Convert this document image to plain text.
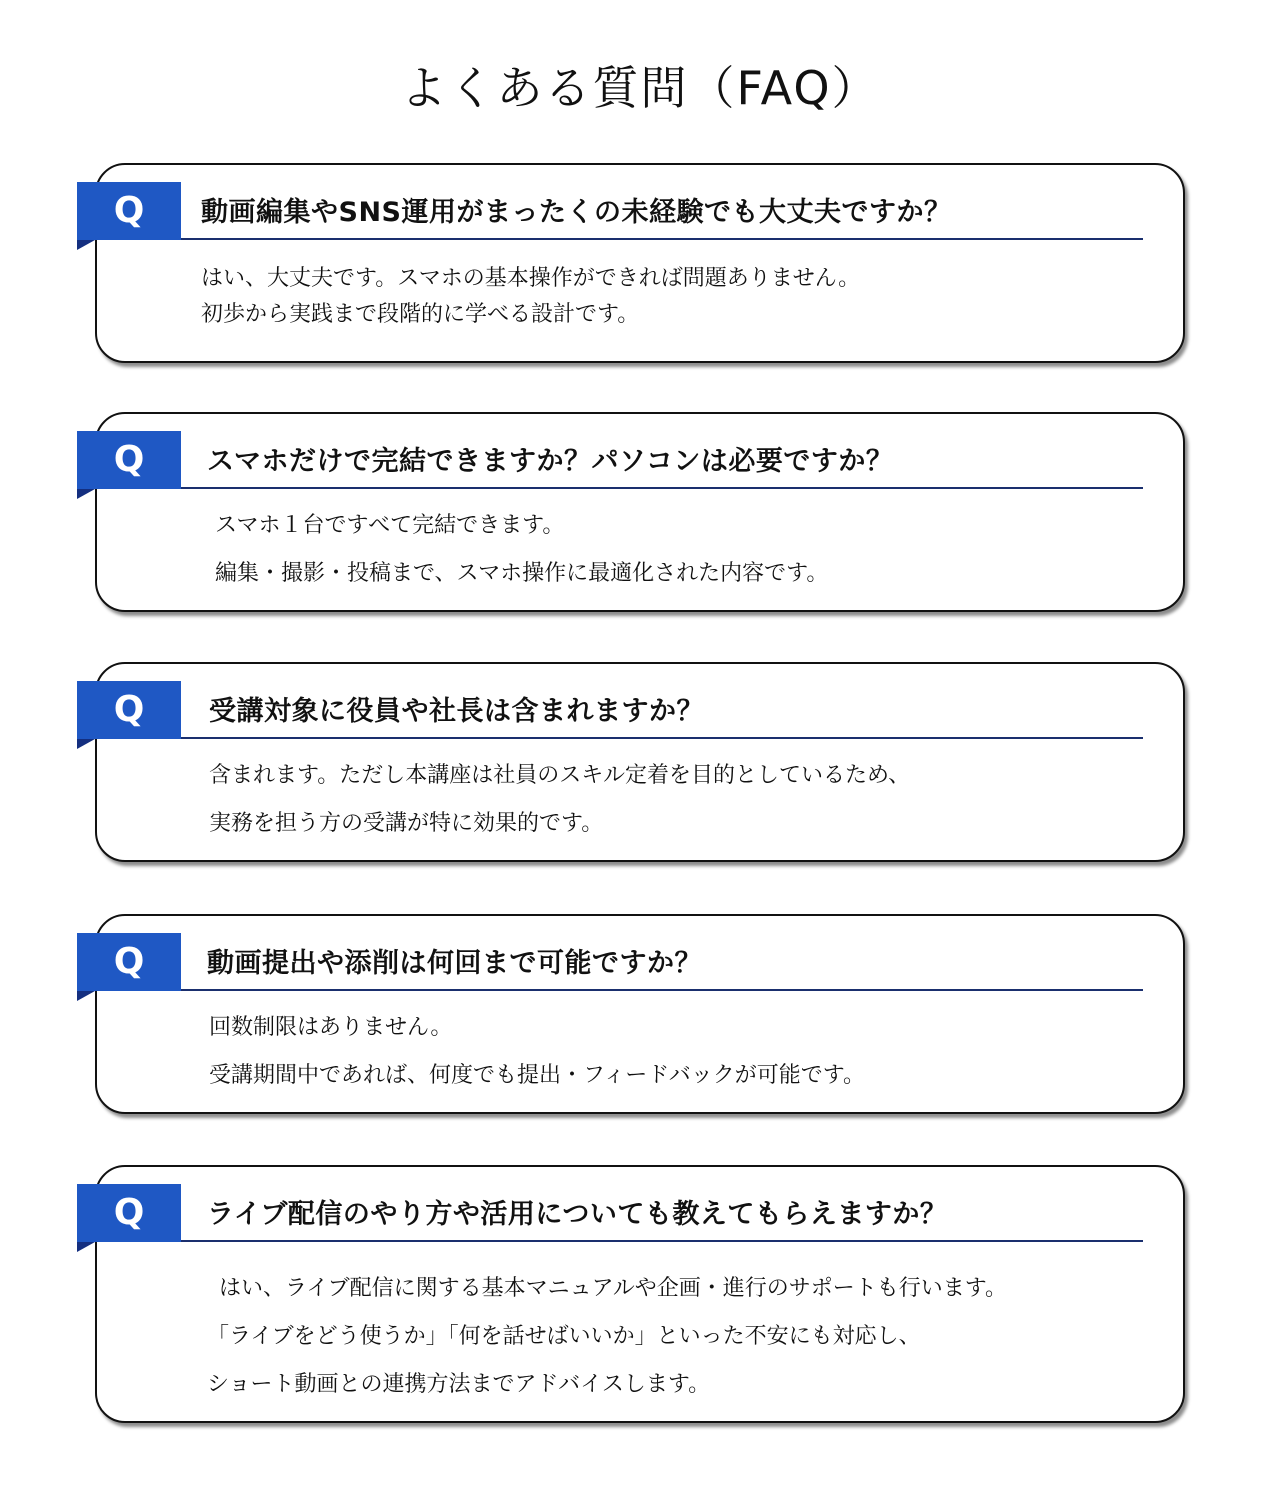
よくある質問（FAQ）
Q	動画編集やSNS運用がまったくの未経験でも大丈夫ですか？
はい、大丈夫です。スマホの基本操作ができれば問題ありません。
初歩から実践まで段階的に学べる設計です。
Q	スマホだけで完結できますか？パソコンは必要ですか？
スマホ１台ですべて完結できます。
編集・撮影・投稿まで、スマホ操作に最適化された内容です。
Q	受講対象に役員や社長は含まれますか？
含まれます。ただし本講座は社員のスキル定着を目的としているため、
実務を担う方の受講が特に効果的です。
Q	動画提出や添削は何回まで可能ですか？
回数制限はありません。
受講期間中であれば、何度でも提出・フィードバックが可能です。
Q	ライブ配信のやり方や活用についても教えてもらえますか？
はい、ライブ配信に関する基本マニュアルや企画・進行のサポートも行います。
「ライブをどう使うか」「何を話せばいいか」といった不安にも対応し、
ショート動画との連携方法までアドバイスします。
